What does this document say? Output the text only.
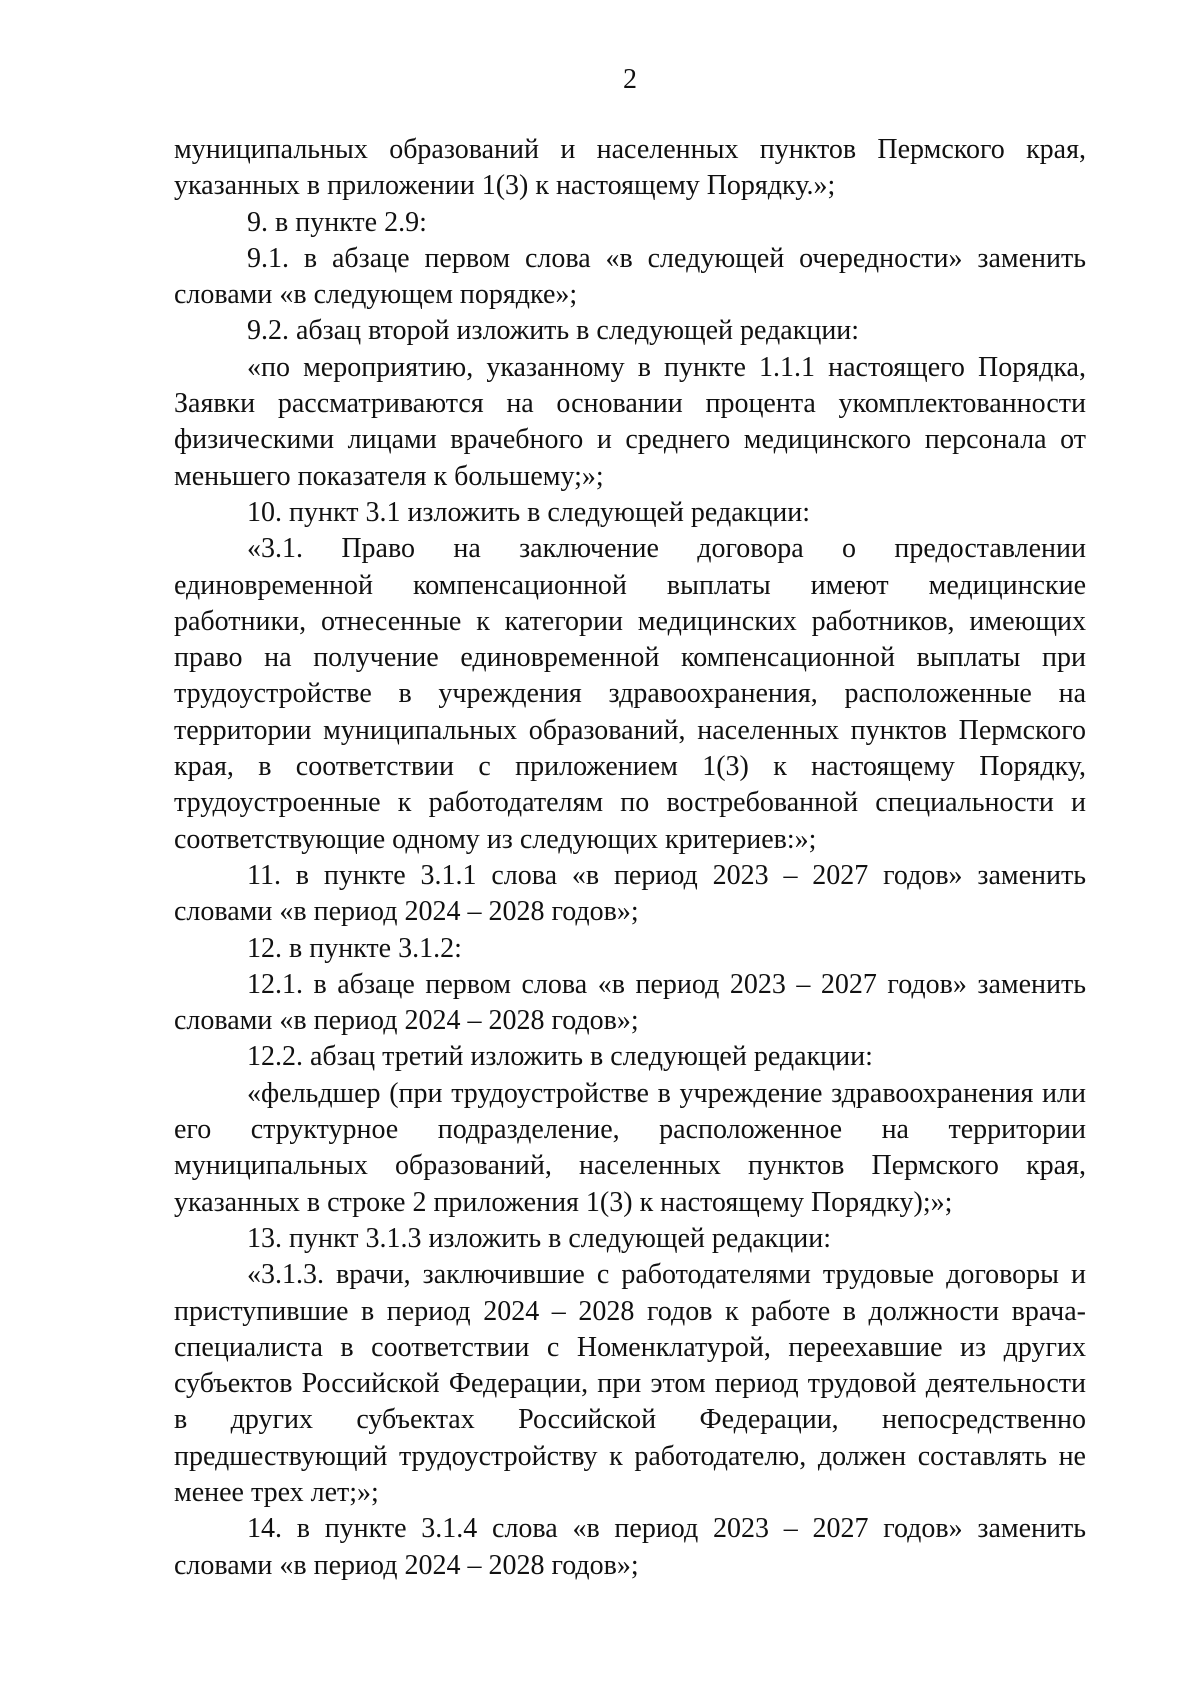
2

муниципальных образований и населенных пунктов Пермского края, указанных в приложении 1(3) к настоящему Порядку.»;

9. в пункте 2.9:

9.1. в абзаце первом слова «в следующей очередности» заменить словами «в следующем порядке»;

9.2. абзац второй изложить в следующей редакции:

«по мероприятию, указанному в пункте 1.1.1 настоящего Порядка, Заявки рассматриваются на основании процента укомплектованности физическими лицами врачебного и среднего медицинского персонала от меньшего показателя к большему;»;

10. пункт 3.1 изложить в следующей редакции:

«3.1. Право на заключение договора о предоставлении единовременной компенсационной выплаты имеют медицинские работники, отнесенные к категории медицинских работников, имеющих право на получение единовременной компенсационной выплаты при трудоустройстве в учреждения здравоохранения, расположенные на территории муниципальных образований, населенных пунктов Пермского края, в соответствии с приложением 1(3) к настоящему Порядку, трудоустроенные к работодателям по востребованной специальности и соответствующие одному из следующих критериев:»;

11. в пункте 3.1.1 слова «в период 2023 – 2027 годов» заменить словами «в период 2024 – 2028 годов»;

12. в пункте 3.1.2:

12.1. в абзаце первом слова «в период 2023 – 2027 годов» заменить словами «в период 2024 – 2028 годов»;

12.2. абзац третий изложить в следующей редакции:

«фельдшер (при трудоустройстве в учреждение здравоохранения или его структурное подразделение, расположенное на территории муниципальных образований, населенных пунктов Пермского края, указанных в строке 2 приложения 1(3) к настоящему Порядку);»;

13. пункт 3.1.3 изложить в следующей редакции:

«3.1.3. врачи, заключившие с работодателями трудовые договоры и приступившие в период 2024 – 2028 годов к работе в должности врача-специалиста в соответствии с Номенклатурой, переехавшие из других субъектов Российской Федерации, при этом период трудовой деятельности в других субъектах Российской Федерации, непосредственно предшествующий трудоустройству к работодателю, должен составлять не менее трех лет;»;

14. в пункте 3.1.4 слова «в период 2023 – 2027 годов» заменить словами «в период 2024 – 2028 годов»;
